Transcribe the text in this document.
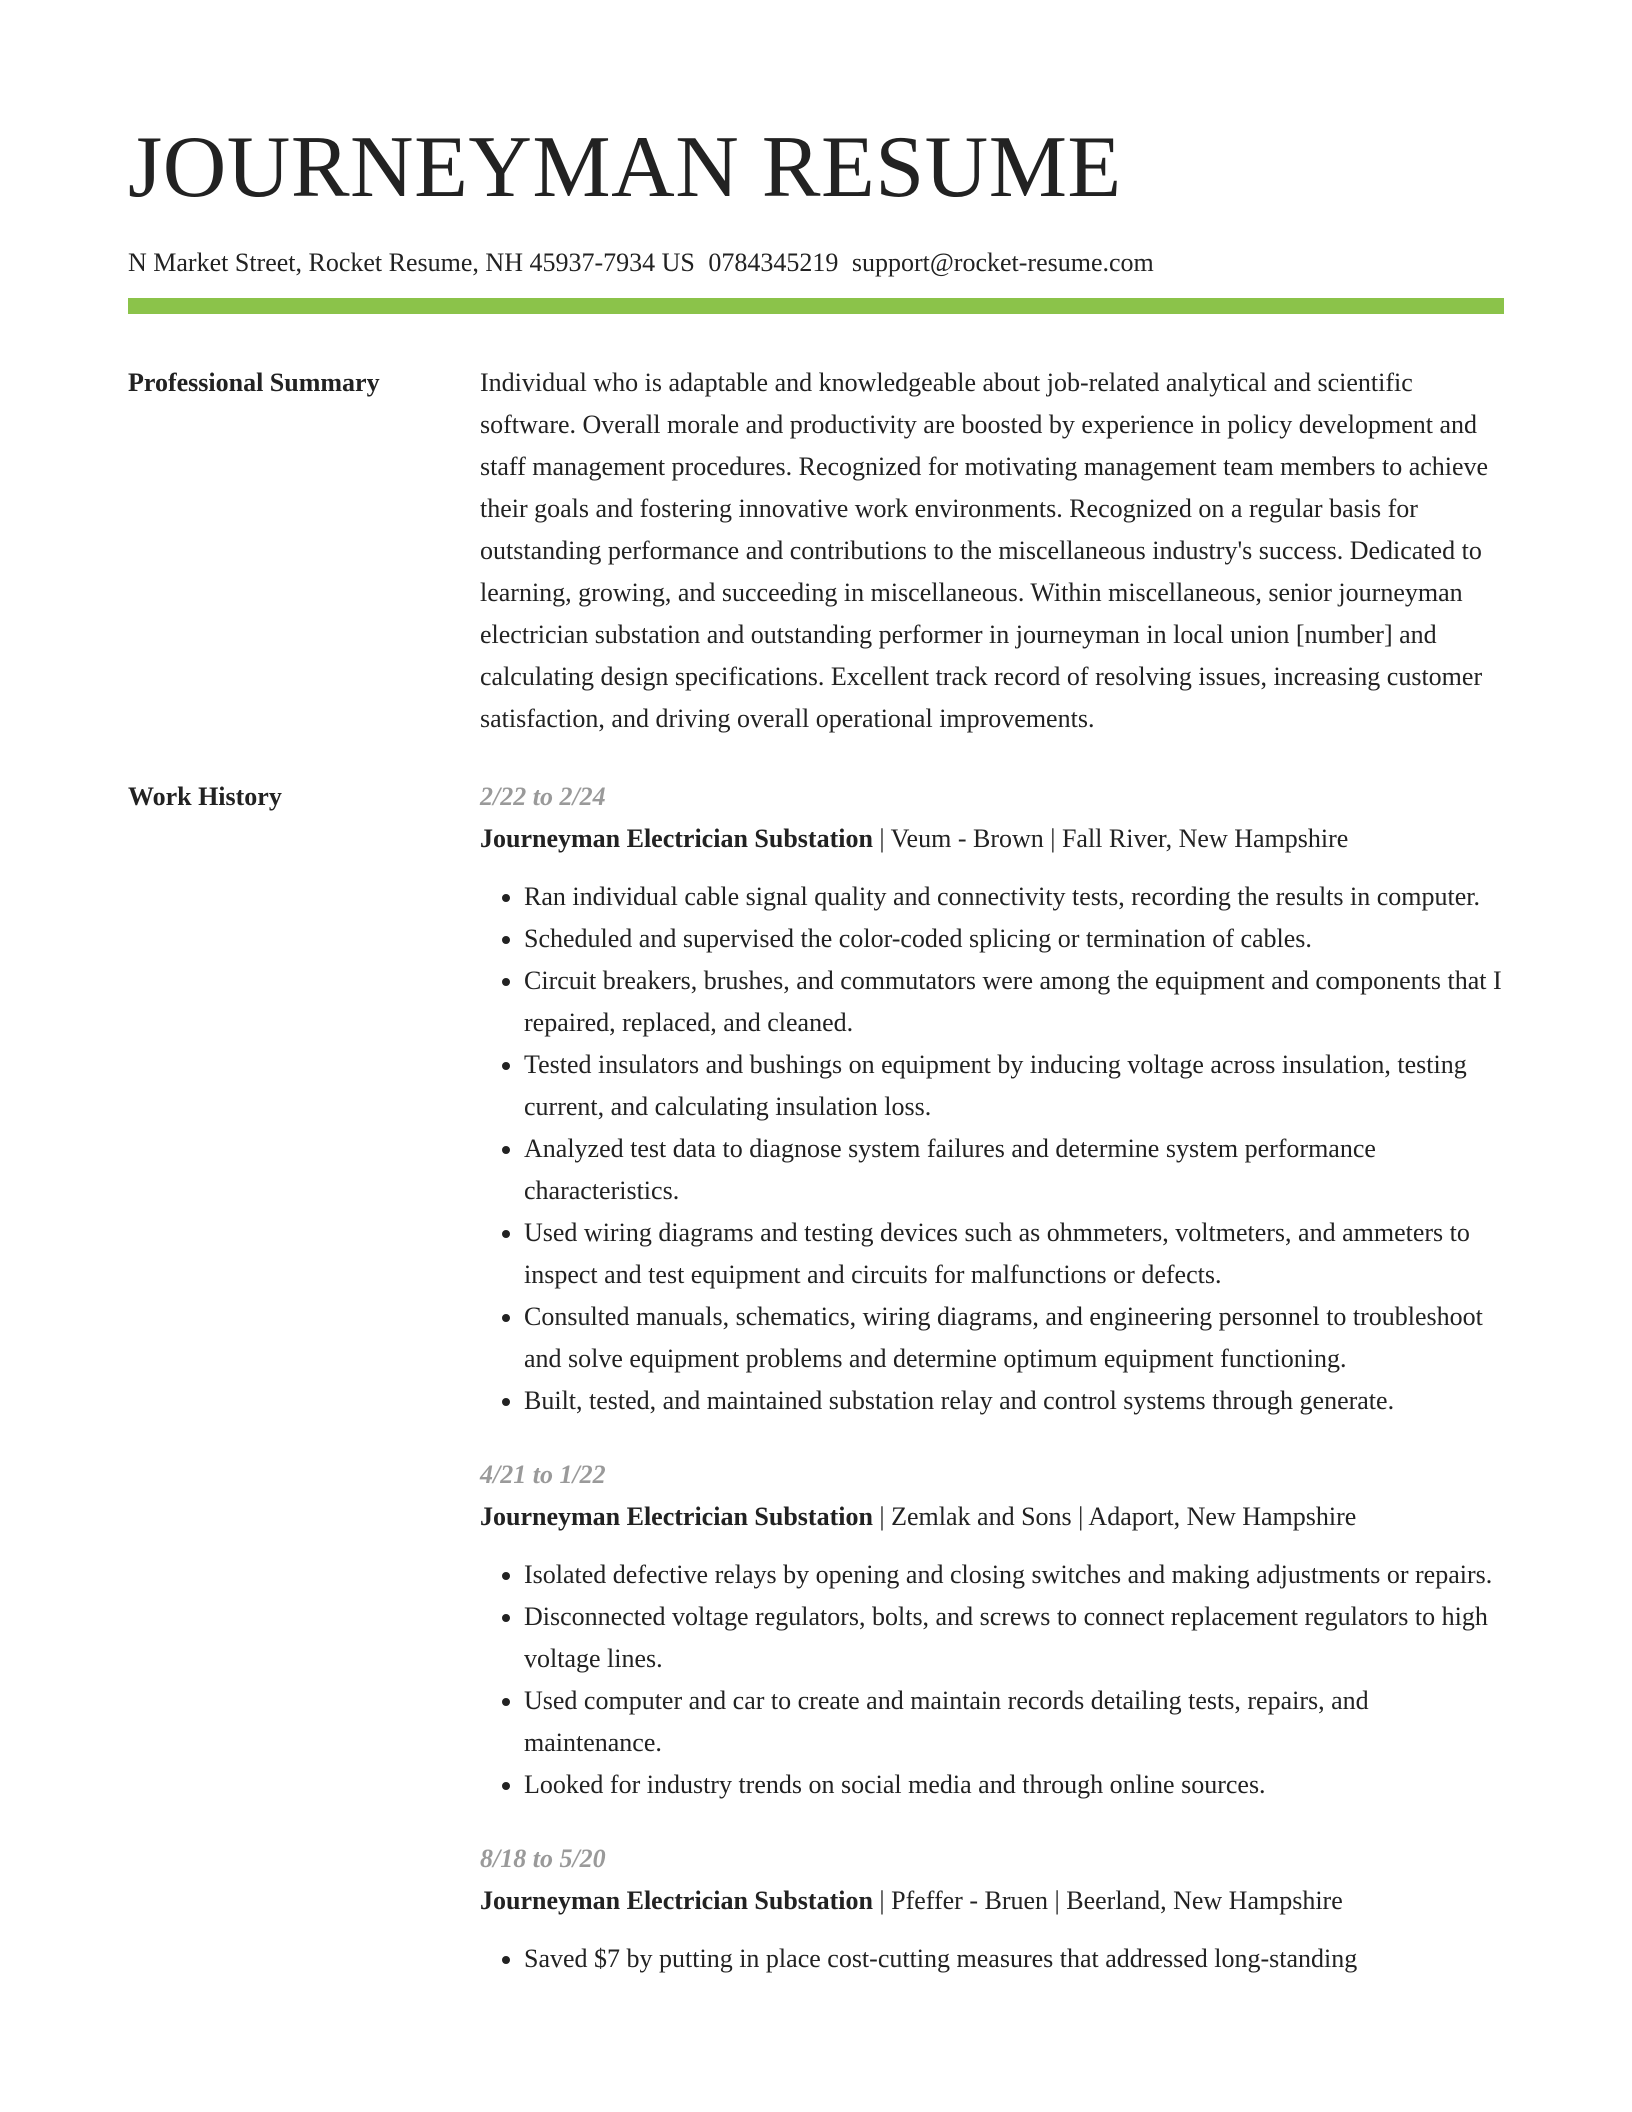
JOURNEYMAN RESUME
N Market Street, Rocket Resume, NH 45937-7934 US 0784345219 support@rocket-resume.com
Professional Summary	Individual who is adaptable and knowledgeable about job-related analytical and scientific software. Overall morale and productivity are boosted by experience in policy development and staff management procedures. Recognized for motivating management team members to achieve their goals and fostering innovative work environments. Recognized on a regular basis for outstanding performance and contributions to the miscellaneous industry's success. Dedicated to learning, growing, and succeeding in miscellaneous. Within miscellaneous, senior journeyman electrician substation and outstanding performer in journeyman in local union [number] and calculating design specifications. Excellent track record of resolving issues, increasing customer satisfaction, and driving overall operational improvements.

Work History	2/22 to 2/24
Journeyman Electrician Substation | Veum - Brown | Fall River, New Hampshire
• Ran individual cable signal quality and connectivity tests, recording the results in computer.
• Scheduled and supervised the color-coded splicing or termination of cables.
• Circuit breakers, brushes, and commutators were among the equipment and components that I repaired, replaced, and cleaned.
• Tested insulators and bushings on equipment by inducing voltage across insulation, testing current, and calculating insulation loss.
• Analyzed test data to diagnose system failures and determine system performance characteristics.
• Used wiring diagrams and testing devices such as ohmmeters, voltmeters, and ammeters to inspect and test equipment and circuits for malfunctions or defects.
• Consulted manuals, schematics, wiring diagrams, and engineering personnel to troubleshoot and solve equipment problems and determine optimum equipment functioning.
• Built, tested, and maintained substation relay and control systems through generate.
4/21 to 1/22
Journeyman Electrician Substation | Zemlak and Sons | Adaport, New Hampshire
• Isolated defective relays by opening and closing switches and making adjustments or repairs.
• Disconnected voltage regulators, bolts, and screws to connect replacement regulators to high voltage lines.
• Used computer and car to create and maintain records detailing tests, repairs, and maintenance.
• Looked for industry trends on social media and through online sources.
8/18 to 5/20
Journeyman Electrician Substation | Pfeffer - Bruen | Beerland, New Hampshire
• Saved $7 by putting in place cost-cutting measures that addressed long-standing
